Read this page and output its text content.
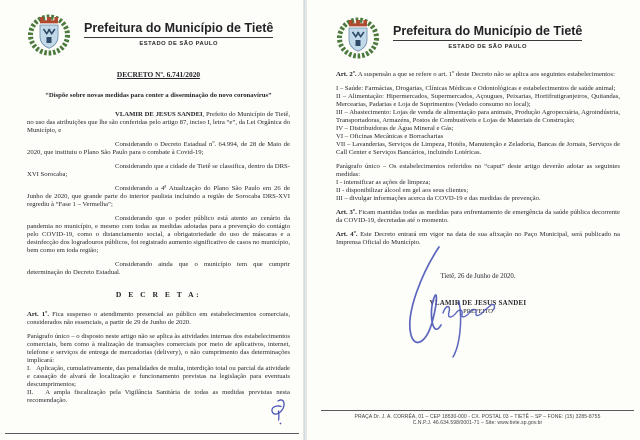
Prefeitura do Município de Tietê
ESTADO DE SÃO PAULO
DECRETO Nº. 6.741/2020
“Dispõe sobre novas medidas para conter a disseminação do novo coronavírus”

VLAMIR DE JESUS SANDEI, Prefeito do Município de Tietê, no uso das atribuições que lhe são conferidas pelo artigo 87, inciso I, letra “e”, da Lei Orgânica do Município, e

Considerando o Decreto Estadual nº. 64.994, de 28 de Maio de 2020, que instituiu o Plano São Paulo para o combate à Covid-19;

Considerando que a cidade de Tietê se classifica, dentro da DRS-XVI Sorocaba;

Considerando a 4ª Atualização do Plano São Paulo em 26 de Junho de 2020, que grande parte do interior paulista incluindo a região de Sorocaba DRS-XVI regrediu à “Fase 1 – Vermelha”;

Considerando que o poder público está atento ao cenário da pandemia no município, e mesmo com todas as medidas adotadas para a prevenção do contágio pelo COVID-19, como o distanciamento social, a obrigatoriedade do uso de máscaras e a desinfecção dos logradouros públicos, foi registrado aumento significativo de casos no município, bem como em toda região;

Considerando ainda que o município tem que cumprir determinação do Decreto Estadual.

D E C R E T A:

Art. 1º. Fica suspenso o atendimento presencial ao público em estabelecimentos comerciais, considerados não essenciais, a partir de 29 de Junho de 2020.

Parágrafo único – o disposto neste artigo não se aplica às atividades internas dos estabelecimentos comerciais, bem como à realização de transações comerciais por meio de aplicativos, internet, telefone e serviços de entrega de mercadorias (delivery), o não cumprimento das determinações implicará:

I.   Aplicação, cumulativamente, das penalidades de multa, interdição total ou parcial da atividade e cassação de alvará de localização e funcionamento previstas na legislação para eventuais descumprimentos;

II.   A ampla fiscalização pela Vigilância Sanitária de todas as medidas previstas nesta recomendação.

Prefeitura do Município de Tietê
ESTADO DE SÃO PAULO

Art. 2º. A suspensão a que se refere o art. 1º deste Decreto não se aplica aos seguintes estabelecimentos:

I – Saúde: Farmácias, Drogarias, Clínicas Médicas e Odontológicas e estabelecimentos de saúde animal;

II – Alimentação: Hipermercados, Supermercados, Açougues, Peixarias, Hortifrutigranjeiros, Quitandas, Mercearias, Padarias e Loja de Suprimentos (Vedado consumo no local);

III – Abastecimento: Lojas de venda de alimentação para animais, Produção Agropecuária, Agroindústria, Transportadoras, Armazéns, Postos de Combustíveis e Lojas de Materiais de Construção;

IV – Distribuidoras de Água Mineral e Gás;

VI – Oficinas Mecânicas e Borracharias

VII – Lavanderias, Serviços de Limpeza, Hotéis, Manutenção e Zeladoria, Bancas de Jornais, Serviços de Call Center e Serviços Bancários, incluindo Lotéricas.

Parágrafo único – Os estabelecimentos referidos no “caput” deste artigo deverão adotar as seguintes medidas:

I - intensificar as ações de limpeza;

II - disponibilizar álcool em gel aos seus clientes;

III – divulgar informações acerca da COVD-19 e das medidas de prevenção.

Art. 3º. Ficam mantidas todas as medidas para enfrentamento de emergência da saúde pública decorrente da COVID-19, decretadas até o momento.

Art. 4º. Este Decreto entrará em vigor na data de sua afixação no Paço Municipal, será publicado na Imprensa Oficial do Município.

Tietê, 26 de Junho de 2020.
VLAMIR DE JESUS SANDEI
PREFEITO
PRAÇA Dr. J. A. CORRÊA, 01 – CEP 18530-000 - CX. POSTAL 03 – TIETÊ – SP – FONE: (15) 3285-8755
C.N.P.J. 46.634.598/0001-71 – Site: www.tiete.sp.gov.br
